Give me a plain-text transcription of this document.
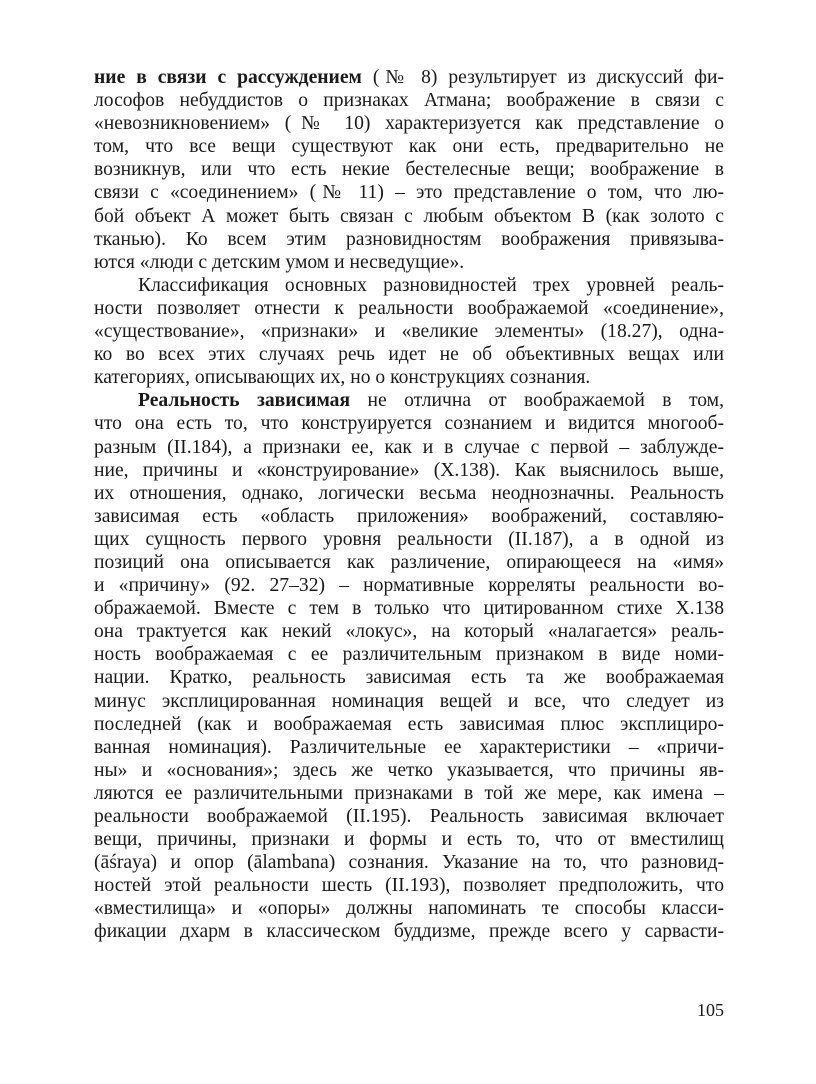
ние в связи с рассуждением (№ 8) результирует из дискуссий фи-
лософов небуддистов о признаках Атмана; воображение в связи с
«невозникновением» (№ 10) характеризуется как представление о
том, что все вещи существуют как они есть, предварительно не
возникнув, или что есть некие бестелесные вещи; воображение в
связи с «соединением» (№ 11) – это представление о том, что лю-
бой объект А может быть связан с любым объектом В (как золото с
тканью). Ко всем этим разновидностям воображения привязыва-
ются «люди с детским умом и несведущие».

Классификация основных разновидностей трех уровней реаль-
ности позволяет отнести к реальности воображаемой «соединение»,
«существование», «признаки» и «великие элементы» (18.27), одна-
ко во всех этих случаях речь идет не об объективных вещах или
категориях, описывающих их, но о конструкциях сознания.

Реальность зависимая не отлична от воображаемой в том,
что она есть то, что конструируется сознанием и видится многооб-
разным (II.184), а признаки ее, как и в случае с первой – заблужде-
ние, причины и «конструирование» (X.138). Как выяснилось выше,
их отношения, однако, логически весьма неоднозначны. Реальность
зависимая есть «область приложения» воображений, составляю-
щих сущность первого уровня реальности (II.187), а в одной из
позиций она описывается как различение, опирающееся на «имя»
и «причину» (92. 27–32) – нормативные корреляты реальности во-
ображаемой. Вместе с тем в только что цитированном стихе X.138
она трактуется как некий «локус», на который «налагается» реаль-
ность воображаемая с ее различительным признаком в виде номи-
нации. Кратко, реальность зависимая есть та же воображаемая
минус эксплицированная номинация вещей и все, что следует из
последней (как и воображаемая есть зависимая плюс эксплициро-
ванная номинация). Различительные ее характеристики – «причи-
ны» и «основания»; здесь же четко указывается, что причины яв-
ляются ее различительными признаками в той же мере, как имена –
реальности воображаемой (II.195). Реальность зависимая включает
вещи, причины, признаки и формы и есть то, что от вместилищ
(āśraya) и опор (ālambana) сознания. Указание на то, что разновид-
ностей этой реальности шесть (II.193), позволяет предположить, что
«вместилища» и «опоры» должны напоминать те способы класси-
фикации дхарм в классическом буддизме, прежде всего у сарвасти-

105
